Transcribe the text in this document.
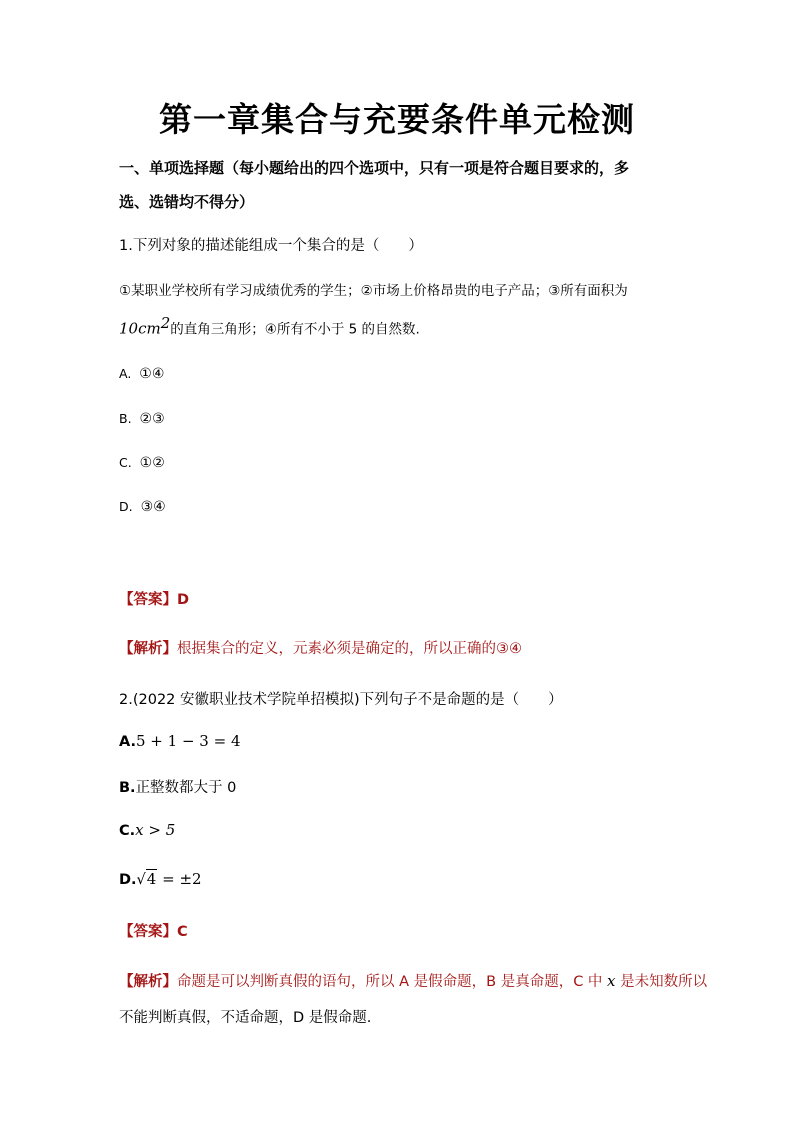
第一章集合与充要条件单元检测
一、单项选择题（每小题给出的四个选项中，只有一项是符合题目要求的，多
选、选错均不得分）
1.下列对象的描述能组成一个集合的是（　　）
①某职业学校所有学习成绩优秀的学生；②市场上价格昂贵的电子产品；③所有面积为
$10cm^2$的直角三角形；④所有不小于 5 的自然数.
A. ①④
B. ②③
C. ①②
D. ③④
【答案】D
【解析】根据集合的定义，元素必须是确定的，所以正确的③④
2.(2022 安徽职业技术学院单招模拟)下列句子不是命题的是（　　）
A.5 + 1 − 3 = 4
B.正整数都大于 0
C.x > 5
D.√4 = ±2
【答案】C
【解析】命题是可以判断真假的语句，所以 A 是假命题，B 是真命题，C 中 x 是未知数所以
不能判断真假，不适命题，D 是假命题.
